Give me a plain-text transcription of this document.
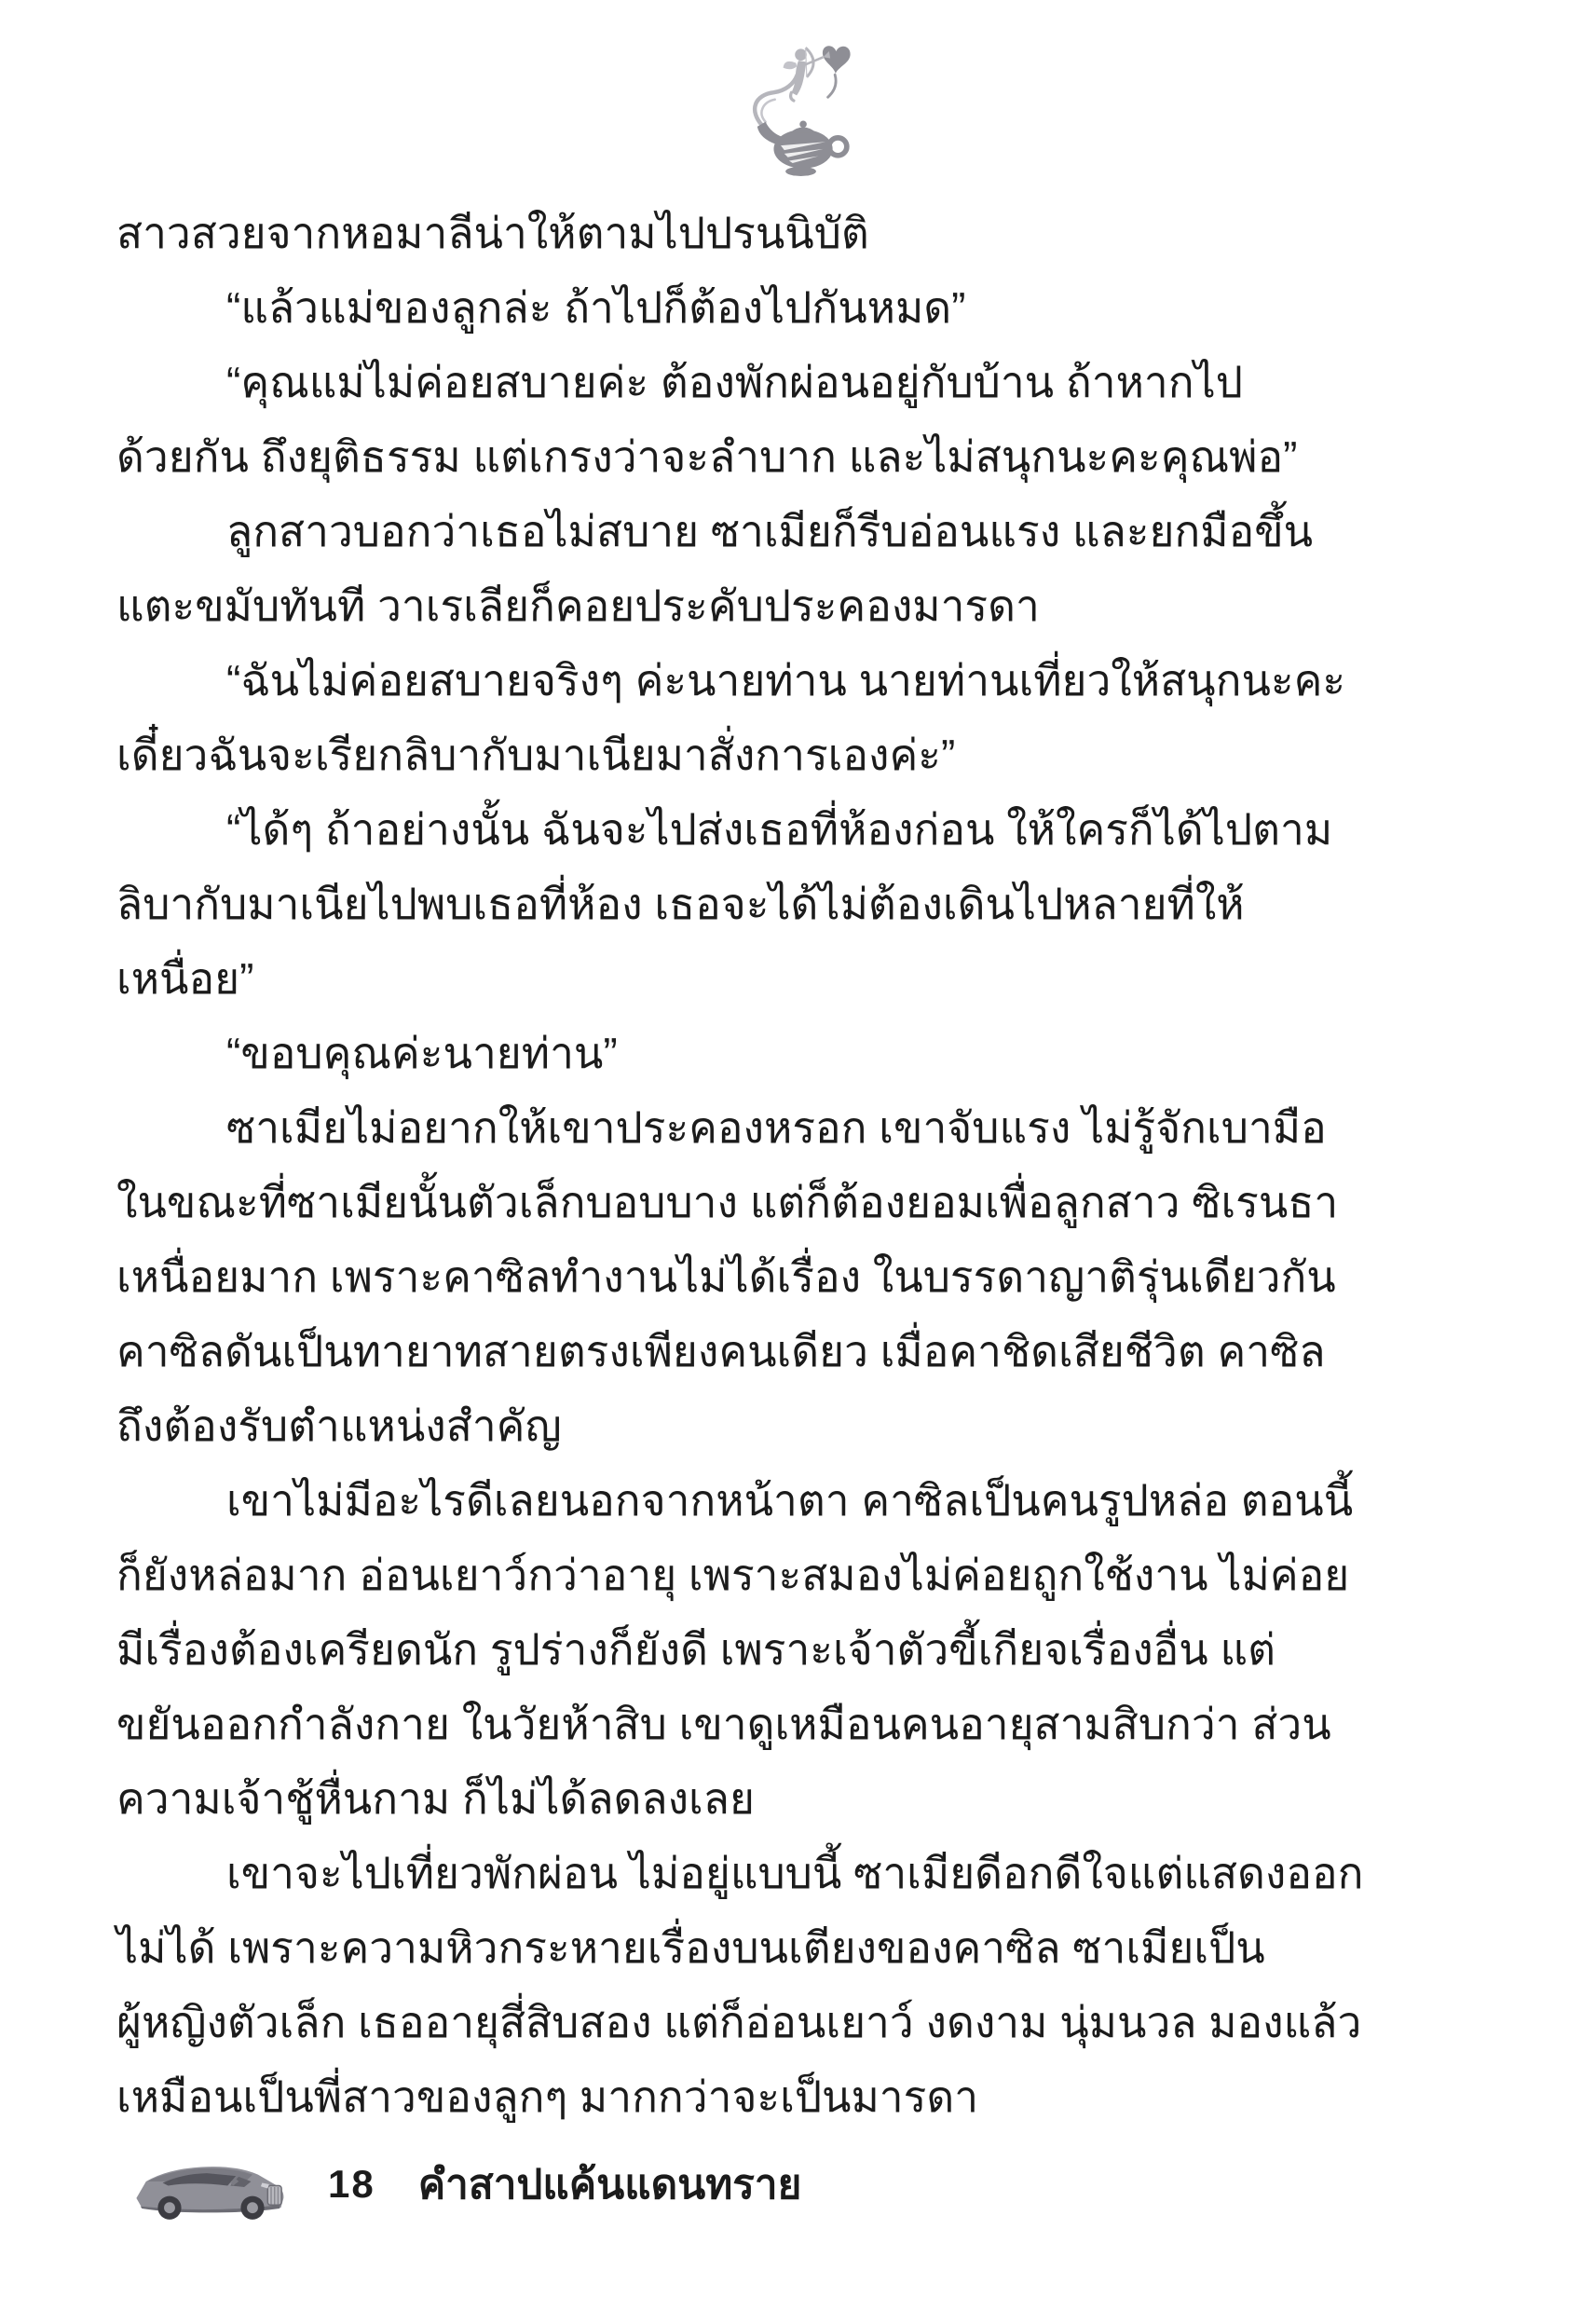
สาวสวยจากหอมาลีน่าให้ตามไปปรนนิบัติ
“แล้วแม่ของลูกล่ะ ถ้าไปก็ต้องไปกันหมด”
“คุณแม่ไม่ค่อยสบายค่ะ ต้องพักผ่อนอยู่กับบ้าน ถ้าหากไป
ด้วยกัน ถึงยุติธรรม แต่เกรงว่าจะลำบาก และไม่สนุกนะคะคุณพ่อ”
ลูกสาวบอกว่าเธอไม่สบาย ซาเมียก็รีบอ่อนแรง และยกมือขึ้น
แตะขมับทันที วาเรเลียก็คอยประคับประคองมารดา
“ฉันไม่ค่อยสบายจริงๆ ค่ะนายท่าน นายท่านเที่ยวให้สนุกนะคะ
เดี๋ยวฉันจะเรียกลิบากับมาเนียมาสั่งการเองค่ะ”
“ได้ๆ ถ้าอย่างนั้น ฉันจะไปส่งเธอที่ห้องก่อน ให้ใครก็ได้ไปตาม
ลิบากับมาเนียไปพบเธอที่ห้อง เธอจะได้ไม่ต้องเดินไปหลายที่ให้
เหนื่อย”
“ขอบคุณค่ะนายท่าน”
ซาเมียไม่อยากให้เขาประคองหรอก เขาจับแรง ไม่รู้จักเบามือ
ในขณะที่ซาเมียนั้นตัวเล็กบอบบาง แต่ก็ต้องยอมเพื่อลูกสาว ซิเรนธา
เหนื่อยมาก เพราะคาซิลทำงานไม่ได้เรื่อง ในบรรดาญาติรุ่นเดียวกัน
คาซิลดันเป็นทายาทสายตรงเพียงคนเดียว เมื่อคาชิดเสียชีวิต คาซิล
ถึงต้องรับตำแหน่งสำคัญ
เขาไม่มีอะไรดีเลยนอกจากหน้าตา คาซิลเป็นคนรูปหล่อ ตอนนี้
ก็ยังหล่อมาก อ่อนเยาว์กว่าอายุ เพราะสมองไม่ค่อยถูกใช้งาน ไม่ค่อย
มีเรื่องต้องเครียดนัก รูปร่างก็ยังดี เพราะเจ้าตัวขี้เกียจเรื่องอื่น แต่
ขยันออกกำลังกาย ในวัยห้าสิบ เขาดูเหมือนคนอายุสามสิบกว่า ส่วน
ความเจ้าชู้หื่นกาม ก็ไม่ได้ลดลงเลย
เขาจะไปเที่ยวพักผ่อน ไม่อยู่แบบนี้ ซาเมียดีอกดีใจแต่แสดงออก
ไม่ได้ เพราะความหิวกระหายเรื่องบนเตียงของคาซิล ซาเมียเป็น
ผู้หญิงตัวเล็ก เธออายุสี่สิบสอง แต่ก็อ่อนเยาว์ งดงาม นุ่มนวล มองแล้ว
เหมือนเป็นพี่สาวของลูกๆ มากกว่าจะเป็นมารดา
18 คำสาปแค้นแดนทราย
